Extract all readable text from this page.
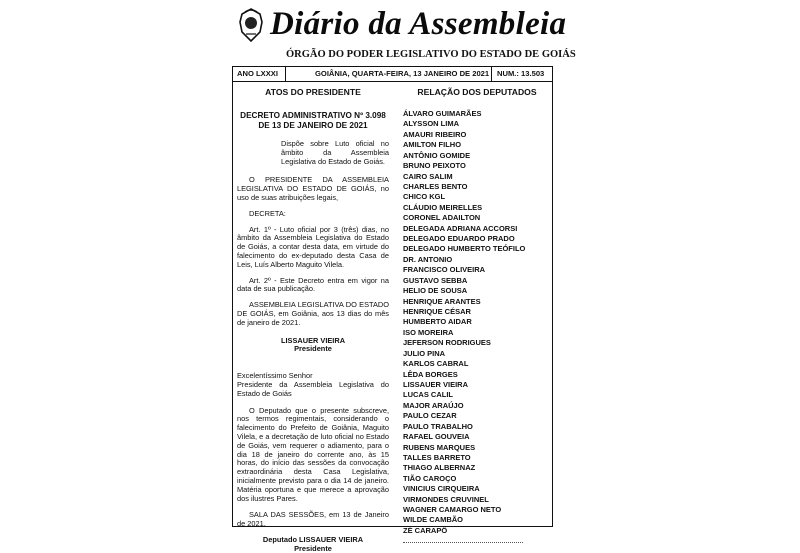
Diário da Assembleia
ÓRGÃO DO PODER LEGISLATIVO DO ESTADO DE GOIÁS
ANO LXXXI	GOIÂNIA, QUARTA-FEIRA, 13 JANEIRO DE 2021 NUM.: 13.503
ATOS DO PRESIDENTE
DECRETO ADMINISTRATIVO Nº 3.098
DE 13 DE JANEIRO DE 2021

Dispõe sobre Luto oficial no âmbito da Assembleia Legislativa do Estado de Goiás.

O PRESIDENTE DA ASSEMBLEIA LEGISLATIVA DO ESTADO DE GOIÁS, no uso de suas atribuições legais,

DECRETA:

Art. 1º - Luto oficial por 3 (três) dias, no âmbito da Assembleia Legislativa do Estado de Goiás, a contar desta data, em virtude do falecimento do ex-deputado desta Casa de Leis, Luís Alberto Maguito Vilela.

Art. 2º - Este Decreto entra em vigor na data de sua publicação.

ASSEMBLEIA LEGISLATIVA DO ESTADO DE GOIÁS, em Goiânia, aos 13 dias do mês de janeiro de 2021.

LISSAUER VIEIRA
Presidente

Excelentíssimo Senhor

Presidente da Assembleia Legislativa do Estado de Goiás

O Deputado que o presente subscreve, nos termos regimentais, considerando o falecimento do Prefeito de Goiânia, Maguito Vilela, e a decretação de luto oficial no Estado de Goiás, vem requerer o adiamento, para o dia 18 de janeiro do corrente ano, às 15 horas, do início das sessões da convocação extraordinária desta Casa Legislativa, inicialmente previsto para o dia 14 de janeiro. Matéria oportuna e que merece a aprovação dos ilustres Pares.

SALA DAS SESSÕES, em 13 de Janeiro de 2021.

Deputado LISSAUER VIEIRA
Presidente
RELAÇÃO DOS DEPUTADOS
ÁLVARO GUIMARÃES
ALYSSON LIMA
AMAURI RIBEIRO
AMILTON FILHO
ANTÔNIO GOMIDE
BRUNO PEIXOTO
CAIRO SALIM
CHARLES BENTO
CHICO KGL
CLÁUDIO MEIRELLES
CORONEL ADAILTON
DELEGADA ADRIANA ACCORSI
DELEGADO EDUARDO PRADO
DELEGADO HUMBERTO TEÓFILO
DR. ANTONIO
FRANCISCO OLIVEIRA
GUSTAVO SEBBA
HELIO DE SOUSA
HENRIQUE ARANTES
HENRIQUE CÉSAR
HUMBERTO AIDAR
ISO MOREIRA
JEFERSON RODRIGUES
JULIO PINA
KARLOS CABRAL
LÊDA BORGES
LISSAUER VIEIRA
LUCAS CALIL
MAJOR ARAÚJO
PAULO CEZAR
PAULO TRABALHO
RAFAEL GOUVEIA
RUBENS MARQUES
TALLES BARRETO
THIAGO ALBERNAZ
TIÃO CAROÇO
VINICIUS CIRQUEIRA
VIRMONDES CRUVINEL
WAGNER CAMARGO NETO
WILDE CAMBÃO
ZÉ CARAPÔ
